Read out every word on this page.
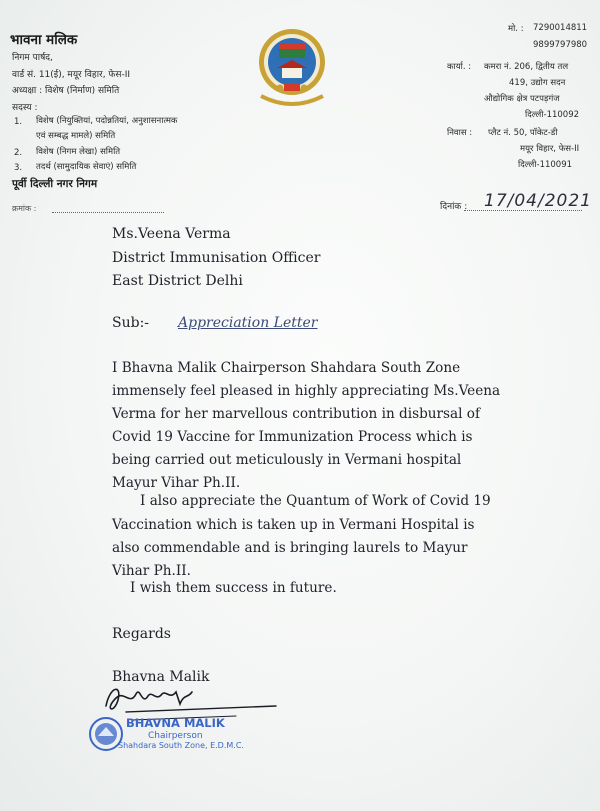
भावना मलिक
निगम पार्षद,
वार्ड सं. 11(ई), मयूर विहार, फेस-II
अध्यक्षा : विशेष (निर्माण) समिति
सदस्य :
1. विशेष (नियुक्तियां, पदोन्नतियां, अनुशासनात्मक
एवं सम्बद्ध मामले) समिति
2. विशेष (निगम लेखा) समिति
3. तदर्थ (सामुदायिक सेवाएं) समिति
पूर्वी दिल्ली नगर निगम
क्रमांक :
मो. : 7290014811
9899797980
कार्या. : कमरा नं. 206, द्वितीय तल
419, उद्योग सदन
औद्योगिक क्षेत्र पटपड़गंज
दिल्ली-110092
निवास : प्लैट नं. 50, पॉकेट-डी
मयूर विहार, फेस-II
दिल्ली-110091
दिनांक : 17/04/2021
Ms.Veena Verma
District Immunisation Officer
East District Delhi
Sub:- Appreciation Letter
I Bhavna Malik Chairperson Shahdara South Zone
immensely feel pleased in highly appreciating Ms.Veena
Verma for her marvellous contribution in disbursal of
Covid 19 Vaccine for Immunization Process which is
being carried out meticulously in Vermani hospital
Mayur Vihar Ph.II.
I also appreciate the Quantum of Work of Covid 19
Vaccination which is taken up in Vermani Hospital is
also commendable and is bringing laurels to Mayur
Vihar Ph.II.
I wish them success in future.
Regards
Bhavna Malik
BHAVNA MALIK
Chairperson
Shahdara South Zone, E.D.M.C.
